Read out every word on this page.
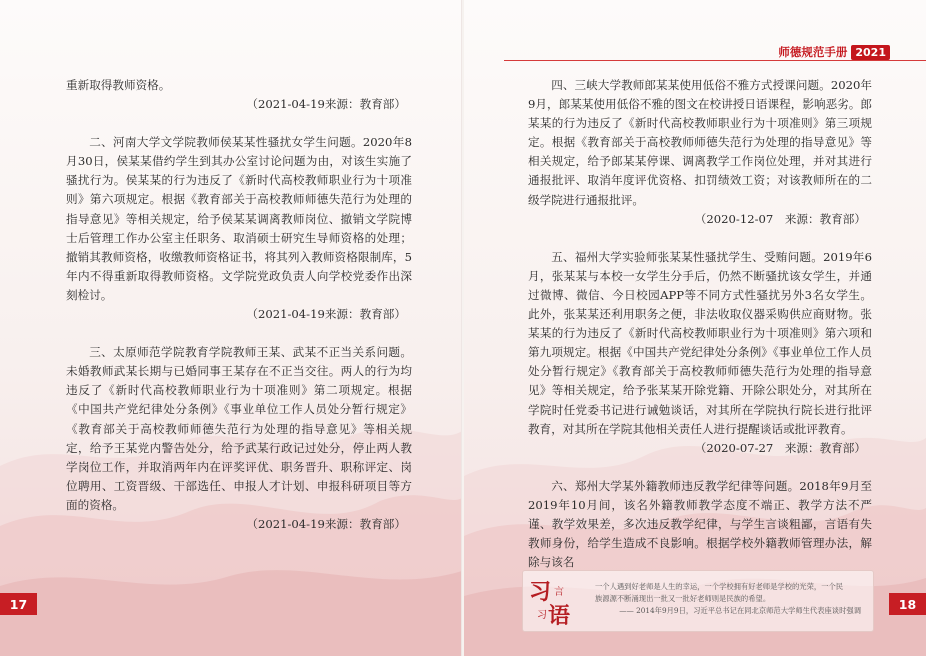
重新取得教师资格。

（2021-04-19来源：教育部）

二、河南大学文学院教师侯某某性骚扰女学生问题。2020年8月30日，侯某某借约学生到其办公室讨论问题为由，对该生实施了骚扰行为。侯某某的行为违反了《新时代高校教师职业行为十项准则》第六项规定。根据《教育部关于高校教师师德失范行为处理的指导意见》等相关规定，给予侯某某调离教师岗位、撤销文学院博士后管理工作办公室主任职务、取消硕士研究生导师资格的处理；撤销其教师资格，收缴教师资格证书，将其列入教师资格限制库，5年内不得重新取得教师资格。文学院党政负责人向学校党委作出深刻检讨。

（2021-04-19来源：教育部）

三、太原师范学院教育学院教师王某、武某不正当关系问题。未婚教师武某长期与已婚同事王某存在不正当交往。两人的行为均违反了《新时代高校教师职业行为十项准则》第二项规定。根据《中国共产党纪律处分条例》《事业单位工作人员处分暂行规定》《教育部关于高校教师师德失范行为处理的指导意见》等相关规定，给予王某党内警告处分，给予武某行政记过处分，停止两人教学岗位工作，并取消两年内在评奖评优、职务晋升、职称评定、岗位聘用、工资晋级、干部选任、申报人才计划、申报科研项目等方面的资格。

（2021-04-19来源：教育部）

17
师德规范手册 2021

四、三峡大学教师郎某某使用低俗不雅方式授课问题。2020年9月，郎某某使用低俗不雅的图文在校讲授日语课程，影响恶劣。郎某某的行为违反了《新时代高校教师职业行为十项准则》第三项规定。根据《教育部关于高校教师师德失范行为处理的指导意见》等相关规定，给予郎某某停课、调离教学工作岗位处理，并对其进行通报批评、取消年度评优资格、扣罚绩效工资；对该教师所在的二级学院进行通报批评。

（2020-12-07　来源：教育部）

五、福州大学实验师张某某性骚扰学生、受贿问题。2019年6月，张某某与本校一女学生分手后，仍然不断骚扰该女学生，并通过微博、微信、今日校园APP等不同方式性骚扰另外3名女学生。此外，张某某还利用职务之便，非法收取仪器采购供应商财物。张某某的行为违反了《新时代高校教师职业行为十项准则》第六项和第九项规定。根据《中国共产党纪律处分条例》《事业单位工作人员处分暂行规定》《教育部关于高校教师师德失范行为处理的指导意见》等相关规定，给予张某某开除党籍、开除公职处分，对其所在学院时任党委书记进行诫勉谈话，对其所在学院执行院长进行批评教育，对其所在学院其他相关责任人进行提醒谈话或批评教育。

（2020-07-27　来源：教育部）

六、郑州大学某外籍教师违反教学纪律等问题。2018年9月至2019年10月间，该名外籍教师教学态度不端正、教学方法不严谨、教学效果差，多次违反教学纪律，与学生言谈粗鄙，言语有失教师身份，给学生造成不良影响。根据学校外籍教师管理办法，解除与该名

习 言
习 语

一个人遇到好老师是人生的幸运，一个学校拥有好老师是学校的光荣，一个民

族源源不断涌现出一批又一批好老师则是民族的希望。

—— 2014年9月9日，习近平总书记在同北京师范大学师生代表座谈时强调	18
